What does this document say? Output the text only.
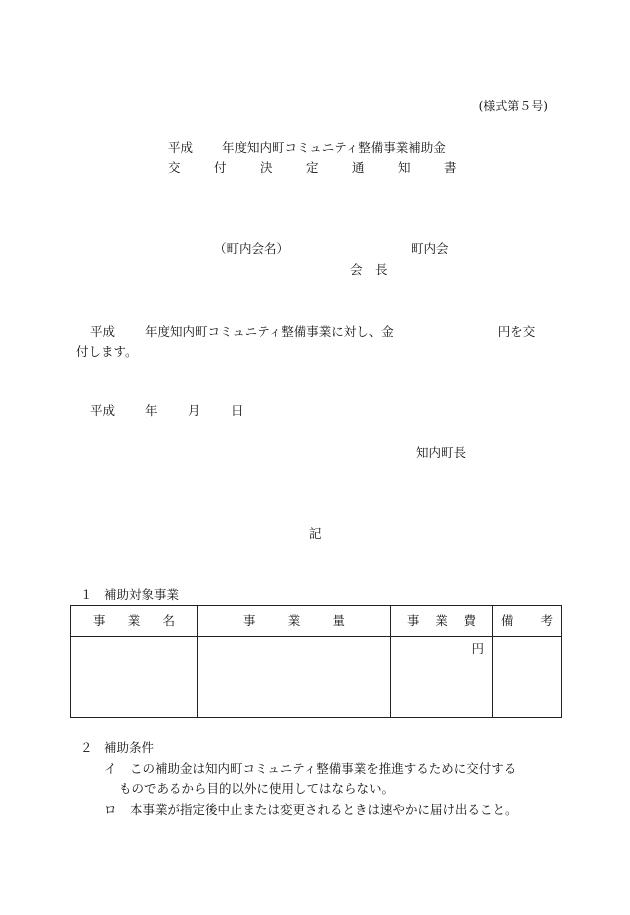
(様式第５号)
平成 年度知内町コミュニティ整備事業補助金
交	付	決	定	通	知	書
（町内会名）	町内会
会 長
平成 年度知内町コミュニティ整備事業に対し、金	円を交
付します。
平成 年 月 日
知内町長
記
１ 補助対象事業
事 業 名	事 業 量	事 業 費	備 考

		円	

２ 補助条件
イ この補助金は知内町コミュニティ整備事業を推進するために交付する
ものであるから目的以外に使用してはならない。
ロ 本事業が指定後中止または変更されるときは速やかに届け出ること。
